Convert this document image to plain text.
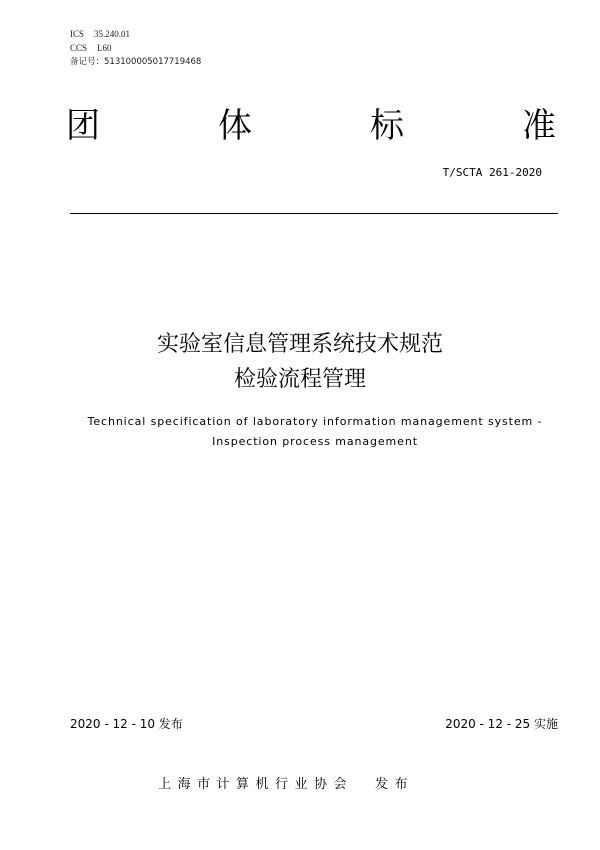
ICS 35.240.01
CCS L60
备记号：513100005017719468
团	体	标	准
T/SCTA 261-2020
实验室信息管理系统技术规范
检验流程管理
Technical specification of laboratory information management system -
Inspection process management
2020 - 12 - 10 发布	2020 - 12 - 25 实施
上海市计算机行业协会 发布
